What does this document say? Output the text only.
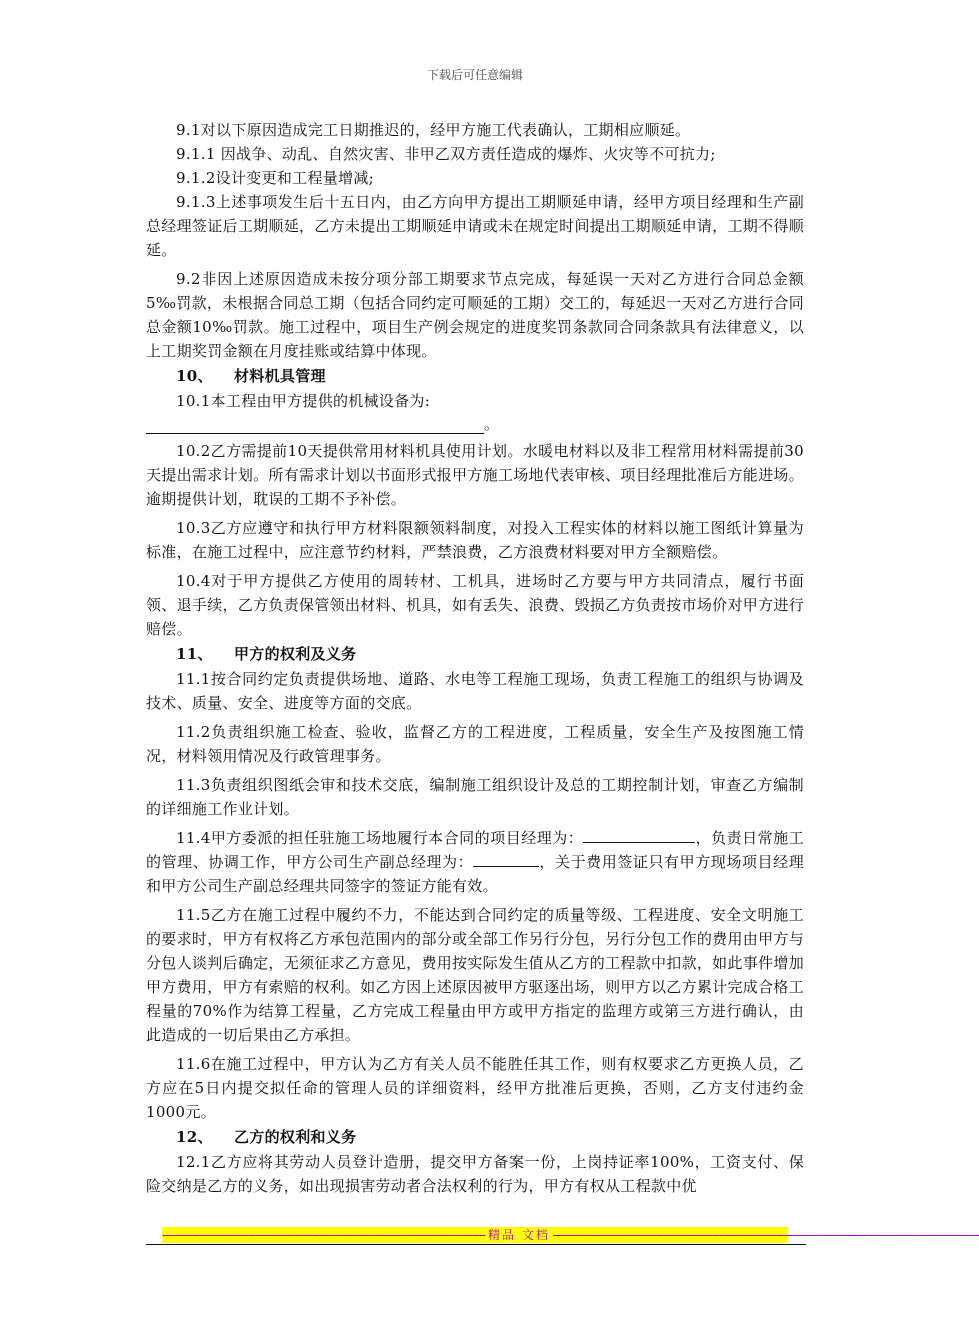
下载后可任意编辑

9.1对以下原因造成完工日期推迟的，经甲方施工代表确认，工期相应顺延。

9.1.1 因战争、动乱、自然灾害、非甲乙双方责任造成的爆炸、火灾等不可抗力;

9.1.2设计变更和工程量增减;

9.1.3上述事项发生后十五日内，由乙方向甲方提出工期顺延申请，经甲方项目经理和生产副总经理签证后工期顺延，乙方未提出工期顺延申请或未在规定时间提出工期顺延申请，工期不得顺延。

9.2非因上述原因造成未按分项分部工期要求节点完成，每延误一天对乙方进行合同总金额5‰罚款，未根据合同总工期（包括合同约定可顺延的工期）交工的，每延迟一天对乙方进行合同总金额10‰罚款。施工过程中，项目生产例会规定的进度奖罚条款同合同条款具有法律意义，以上工期奖罚金额在月度挂账或结算中体现。

10、 材料机具管理

10.1本工程由甲方提供的机械设备为:

。

10.2乙方需提前10天提供常用材料机具使用计划。水暖电材料以及非工程常用材料需提前30天提出需求计划。所有需求计划以书面形式报甲方施工场地代表审核、项目经理批准后方能进场。逾期提供计划，耽误的工期不予补偿。

10.3乙方应遵守和执行甲方材料限额领料制度，对投入工程实体的材料以施工图纸计算量为标准，在施工过程中，应注意节约材料，严禁浪费，乙方浪费材料要对甲方全额赔偿。

10.4对于甲方提供乙方使用的周转材、工机具，进场时乙方要与甲方共同清点，履行书面领、退手续，乙方负责保管领出材料、机具，如有丢失、浪费、毁损乙方负责按市场价对甲方进行赔偿。

11、 甲方的权利及义务

11.1按合同约定负责提供场地、道路、水电等工程施工现场，负责工程施工的组织与协调及技术、质量、安全、进度等方面的交底。

11.2负责组织施工检查、验收，监督乙方的工程进度，工程质量，安全生产及按图施工情况，材料领用情况及行政管理事务。

11.3负责组织图纸会审和技术交底，编制施工组织设计及总的工期控制计划，审查乙方编制的详细施工作业计划。

11.4甲方委派的担任驻施工场地履行本合同的项目经理为：	，负责日常施工的管理、协调工作，甲方公司生产副总经理为：	，关于费用签证只有甲方现场项目经理和甲方公司生产副总经理共同签字的签证方能有效。

11.5乙方在施工过程中履约不力，不能达到合同约定的质量等级、工程进度、安全文明施工的要求时，甲方有权将乙方承包范围内的部分或全部工作另行分包，另行分包工作的费用由甲方与分包人谈判后确定，无须征求乙方意见，费用按实际发生值从乙方的工程款中扣款，如此事件增加甲方费用，甲方有索赔的权利。如乙方因上述原因被甲方驱逐出场，则甲方以乙方累计完成合格工程量的70%作为结算工程量，乙方完成工程量由甲方或甲方指定的监理方或第三方进行确认，由此造成的一切后果由乙方承担。

11.6在施工过程中，甲方认为乙方有关人员不能胜任其工作，则有权要求乙方更换人员，乙方应在5日内提交拟任命的管理人员的详细资料，经甲方批准后更换，否则，乙方支付违约金1000元。

12、 乙方的权利和义务

12.1乙方应将其劳动人员登计造册，提交甲方备案一份，上岗持证率100%，工资支付、保险交纳是乙方的义务，如出现损害劳动者合法权利的行为，甲方有权从工程款中优

------------------------------------------------------------------------------------------------- 精品 文档 --------------------------------------------------------------------------------------------------------------------------------
